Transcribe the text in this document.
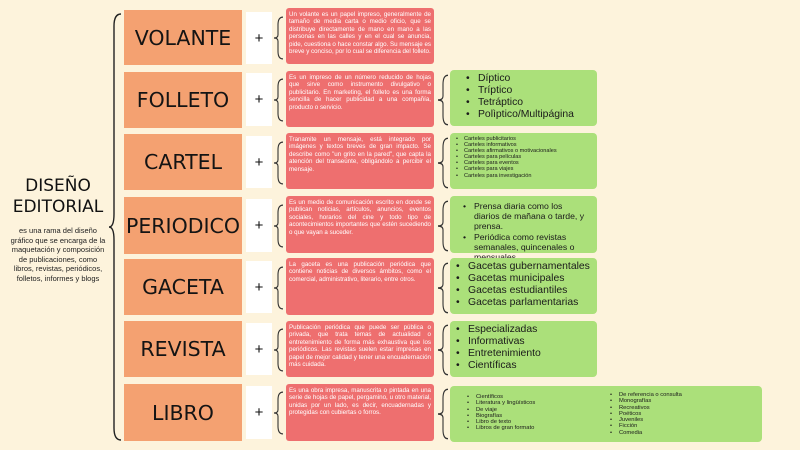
DISEÑO
EDITORIAL
es una rama del diseño gráfico que se encarga de la maquetación y composición de publicaciones, como libros, revistas, periódicos, folletos, informes y blogs
VOLANTE	+
Un volante es un papel impreso, generalmente de tamaño de media carta o medio oficio, que se distribuye directamente de mano en mano a las personas en las calles y en el cual se anuncia, pide, cuestiona o hace constar algo. Su mensaje es breve y conciso, por lo cual se diferencia del folleto.
FOLLETO	+
Es un impreso de un número reducido de hojas que sirve como instrumento divulgativo o publicitario. En marketing, el folleto es una forma sencilla de hacer publicidad a una compañía, producto o servicio.
• Díptico
• Tríptico
• Tetráptico
• Polìptico/Multipágina
CARTEL	+
Tranamite un mensaje, está integrado por imágenes y textos breves de gran impacto. Se describe como "un grito en la pared", que capta la atención del transeúnte, obligándolo a percibir el mensaje.
• Carteles publicitarios
• Carteles informativos
• Carteles afirmativos o motivacionales
• Carteles para películas
• Carteles para eventos
• Carteles para viajes
• Carteles para investigación
PERIODICO +
Es un medio de comunicación escrito en donde se publican noticias, artículos, anuncios, eventos sociales, horarios del cine y todo tipo de acontecimientos importantes que estén sucediendo o que vayan a suceder.
• Prensa diaria como los diarios de mañana o tarde, y prensa.
• Periódica como revistas semanales, quincenales o
GACETA	+
La gaceta es una publicación periódica que contiene noticias de diversos ámbitos, como el comercial, administrativo, literario, entre otros.
• Gacetas gubernamentales
• Gacetas municipales
• Gacetas estudiantiles
• Gacetas parlamentarias
REVISTA	+
Publicación periódica que puede ser pública o privada, que trata temas de actualidad o entretenimiento de forma más exhaustiva que los periódicos. Las revistas suelen estar impresas en papel de mejor calidad y tener una encuadernación más cuidada.
• Especializadas
• Informativas
• Entretenimiento
• Científicas
LIBRO	+
Es una obra impresa, manuscrita o pintada en una serie de hojas de papel, pergamino, u otro material, unidas por un lado, es decir, encuadernadas y protegidas con cubiertas o forros.
• Científicos
• Literatura y lingüísticos
• De viaje
• Biografías
• Libro de texto
• Libros de gran formato
• De referencia o consulta
• Monografías
• Recreativos
• Poéticos
• Juveniles
• Ficción
• Comedia
